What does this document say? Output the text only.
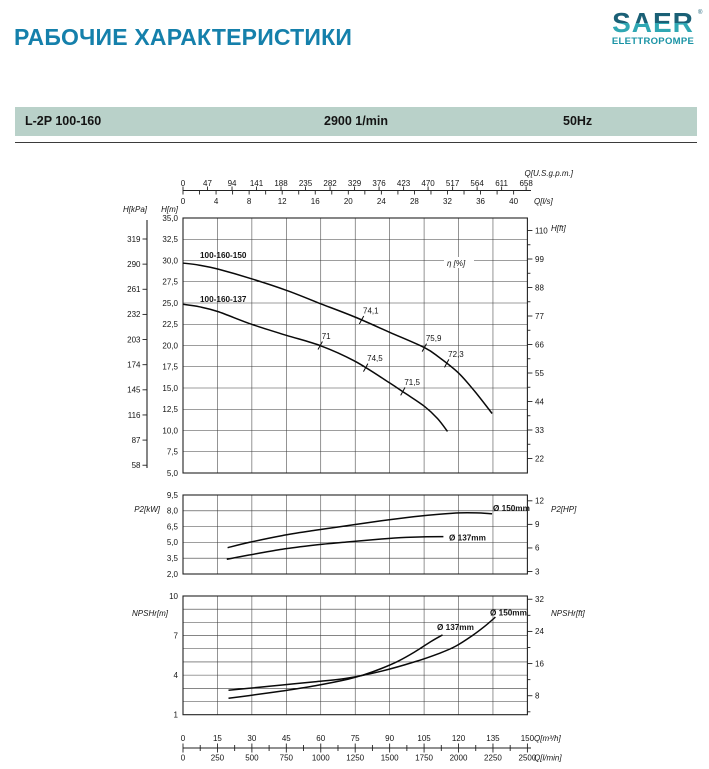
РАБОЧИЕ ХАРАКТЕРИСТИКИ	SAER ®
ELETTROPOMPE
L-2P 100-160	2900 1/min	50Hz
100-160-150
100-160-137
0 47 94 141 188 235 282 329 376 423 470 517 564 611 658
Q[U.S.g.p.m.]
0	4	8	12	16	20	24	28	32	36	40 Q[l/s]
319
290
261
232
203
174
145
116
87
58
H[kPa]
35,0
32,5
30,0
27,5
25,0
22,5
20,0
17,5
15,0
12,5
10,0
7,5
5,0
H[m]
110
99
88
77
66
55
44
33
22
H[ft]
η [%]
74,1
75,9
72,3
71
74,5
71,5
9,5
8,0
6,5
5,0
3,5
2,0
P2[kW]
12
9
6
3
P2[HP]
Ø 150mm
Ø 137mm
10
7
4
1
NPSHr[m]
32
24
16
8
NPSHr[ft]
Ø 137mm
Ø 150mm
0	15	30	45	60	75	90	105	120	135	150 Q[m³/h]
0	250	500	750 1000 1250 1500 1750 2000 2250 2500
Q[l/min]
